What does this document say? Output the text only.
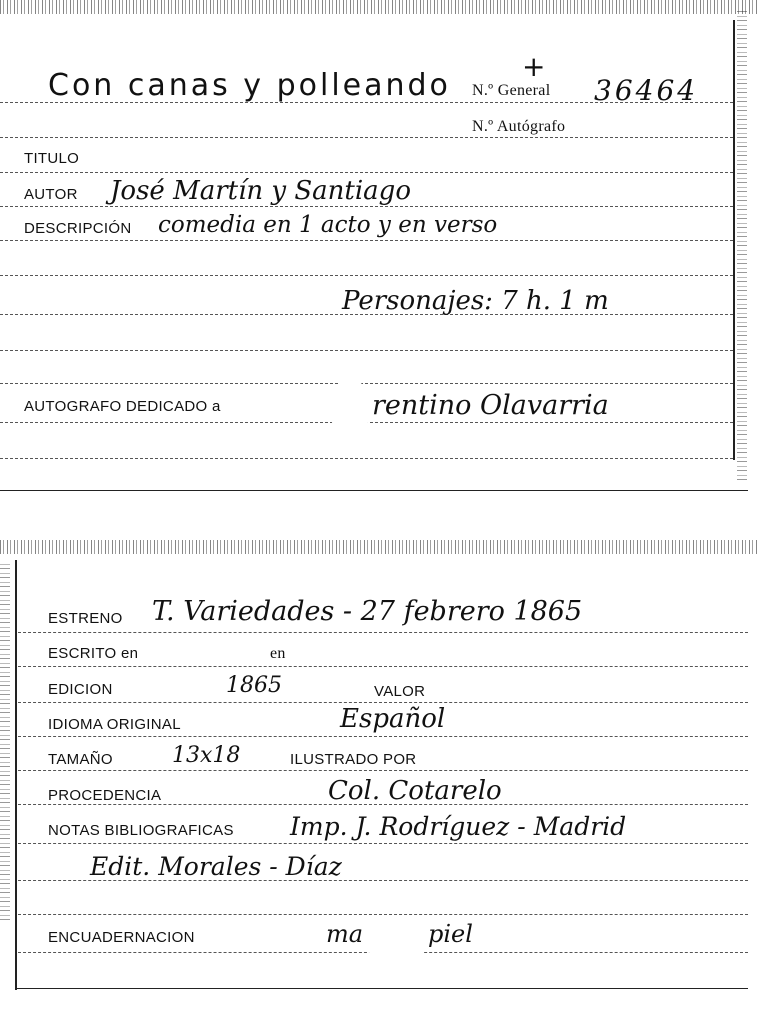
Con canas y polleando
+
N.º General 36464
N.º Autógrafo
TITULO
AUTOR José Martín y Santiago
DESCRIPCIÓN comedia en 1 acto y en verso
Personajes: 7 h. 1 m
AUTOGRAFO DEDICADO a	rentino Olavarria
ESTRENO T. Variedades - 27 febrero 1865
ESCRITO en	en
EDICION	1865	VALOR
IDIOMA ORIGINAL	Español
TAMAÑO	13x18	ILUSTRADO POR
PROCEDENCIA	Col. Cotarelo
NOTAS BIBLIOGRAFICAS Imp. J. Rodríguez - Madrid
Edit. Morales - Díaz
ENCUADERNACION	ma	piel
